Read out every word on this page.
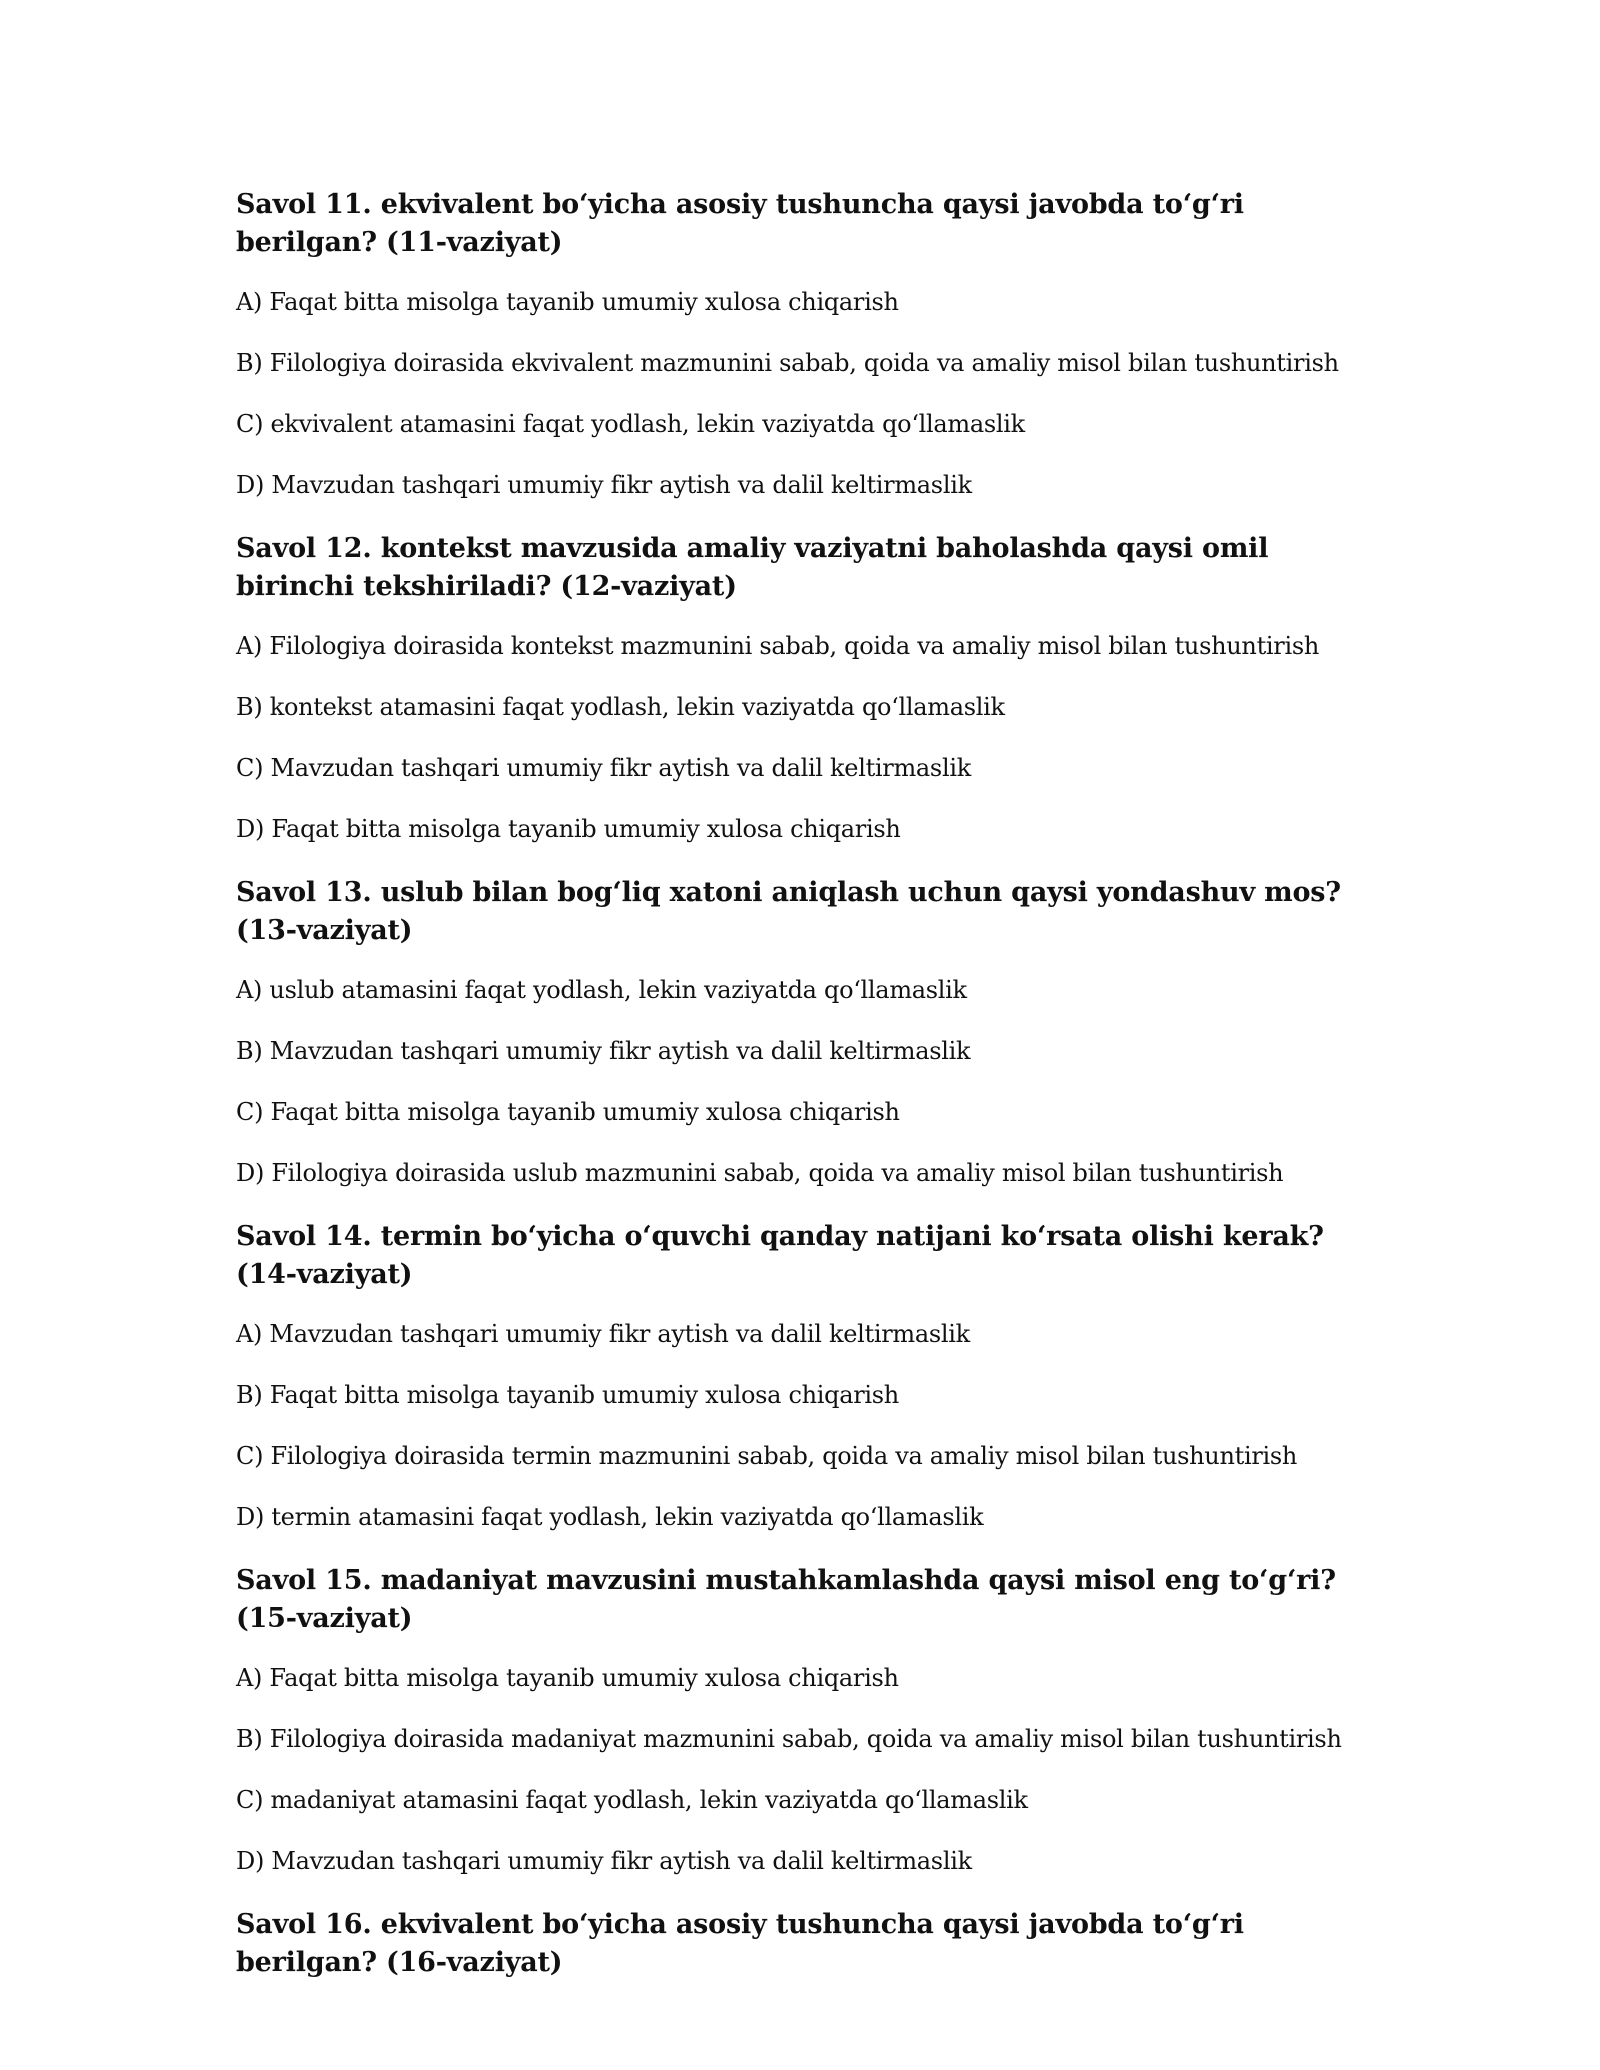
Savol 11. ekvivalent bo‘yicha asosiy tushuncha qaysi javobda to‘g‘ri berilgan? (11-vaziyat)

A) Faqat bitta misolga tayanib umumiy xulosa chiqarish

B) Filologiya doirasida ekvivalent mazmunini sabab, qoida va amaliy misol bilan tushuntirish

C) ekvivalent atamasini faqat yodlash, lekin vaziyatda qo‘llamaslik

D) Mavzudan tashqari umumiy fikr aytish va dalil keltirmaslik

Savol 12. kontekst mavzusida amaliy vaziyatni baholashda qaysi omil birinchi tekshiriladi? (12-vaziyat)

A) Filologiya doirasida kontekst mazmunini sabab, qoida va amaliy misol bilan tushuntirish

B) kontekst atamasini faqat yodlash, lekin vaziyatda qo‘llamaslik

C) Mavzudan tashqari umumiy fikr aytish va dalil keltirmaslik

D) Faqat bitta misolga tayanib umumiy xulosa chiqarish

Savol 13. uslub bilan bog‘liq xatoni aniqlash uchun qaysi yondashuv mos? (13-vaziyat)

A) uslub atamasini faqat yodlash, lekin vaziyatda qo‘llamaslik

B) Mavzudan tashqari umumiy fikr aytish va dalil keltirmaslik

C) Faqat bitta misolga tayanib umumiy xulosa chiqarish

D) Filologiya doirasida uslub mazmunini sabab, qoida va amaliy misol bilan tushuntirish

Savol 14. termin bo‘yicha o‘quvchi qanday natijani ko‘rsata olishi kerak? (14-vaziyat)

A) Mavzudan tashqari umumiy fikr aytish va dalil keltirmaslik

B) Faqat bitta misolga tayanib umumiy xulosa chiqarish

C) Filologiya doirasida termin mazmunini sabab, qoida va amaliy misol bilan tushuntirish

D) termin atamasini faqat yodlash, lekin vaziyatda qo‘llamaslik

Savol 15. madaniyat mavzusini mustahkamlashda qaysi misol eng to‘g‘ri? (15-vaziyat)

A) Faqat bitta misolga tayanib umumiy xulosa chiqarish

B) Filologiya doirasida madaniyat mazmunini sabab, qoida va amaliy misol bilan tushuntirish

C) madaniyat atamasini faqat yodlash, lekin vaziyatda qo‘llamaslik

D) Mavzudan tashqari umumiy fikr aytish va dalil keltirmaslik

Savol 16. ekvivalent bo‘yicha asosiy tushuncha qaysi javobda to‘g‘ri berilgan? (16-vaziyat)
